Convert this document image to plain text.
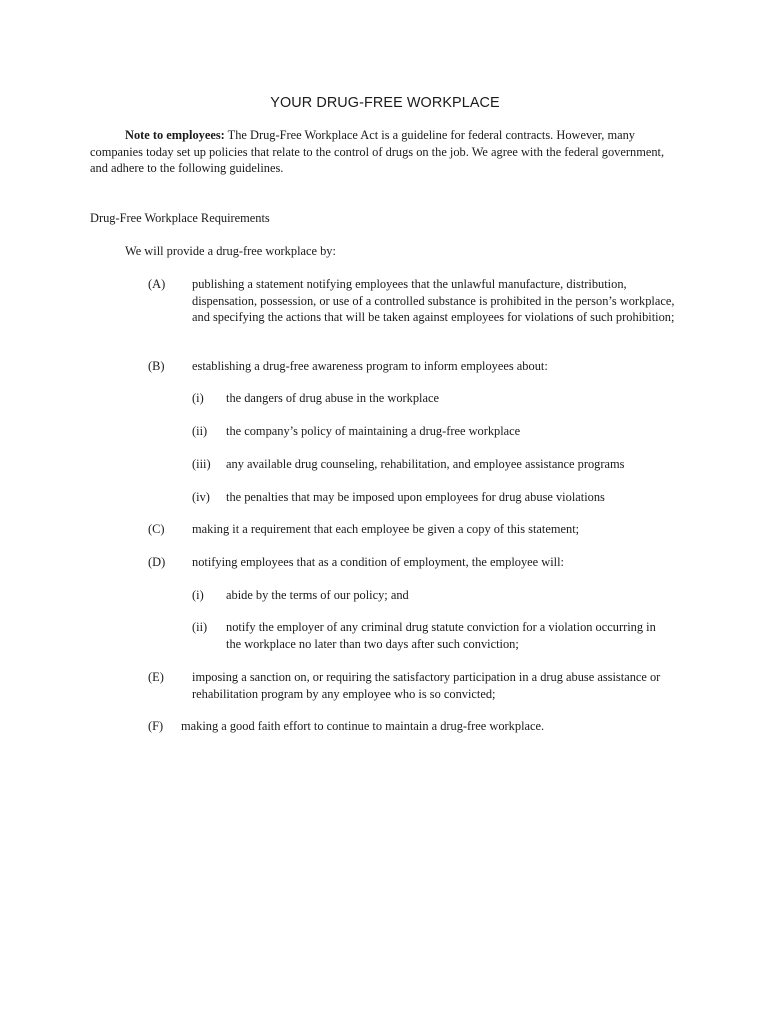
YOUR DRUG-FREE WORKPLACE
Note to employees: The Drug-Free Workplace Act is a guideline for federal contracts. However, many companies today set up policies that relate to the control of drugs on the job. We agree with the federal government, and adhere to the following guidelines.
Drug-Free Workplace Requirements
We will provide a drug-free workplace by:
(A) publishing a statement notifying employees that the unlawful manufacture, distribution, dispensation, possession, or use of a controlled substance is prohibited in the person’s workplace, and specifying the actions that will be taken against employees for violations of such prohibition;
(B) establishing a drug-free awareness program to inform employees about:
(i) the dangers of drug abuse in the workplace
(ii) the company’s policy of maintaining a drug-free workplace
(iii) any available drug counseling, rehabilitation, and employee assistance programs
(iv) the penalties that may be imposed upon employees for drug abuse violations
(C) making it a requirement that each employee be given a copy of this statement;
(D) notifying employees that as a condition of employment, the employee will:
(i) abide by the terms of our policy; and
(ii) notify the employer of any criminal drug statute conviction for a violation occurring in the workplace no later than two days after such conviction;
(E) imposing a sanction on, or requiring the satisfactory participation in a drug abuse assistance or rehabilitation program by any employee who is so convicted;
(F) making a good faith effort to continue to maintain a drug-free workplace.
